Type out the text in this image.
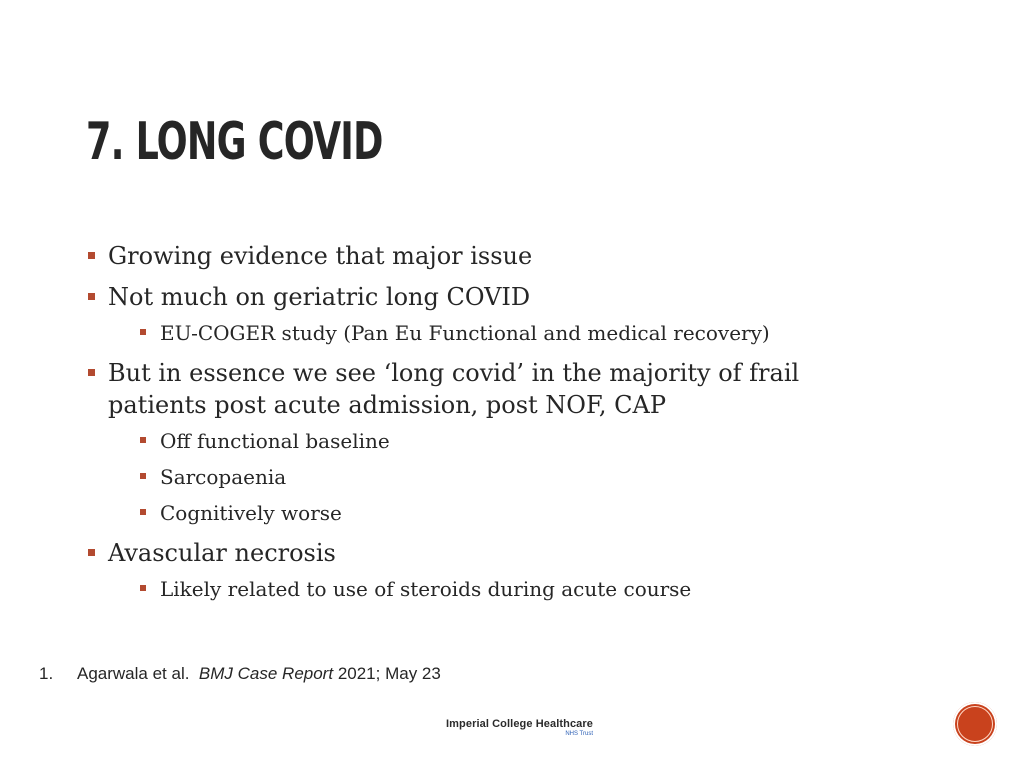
7. LONG COVID
Growing evidence that major issue
Not much on geriatric long COVID
EU-COGER study (Pan Eu Functional and medical recovery)
But in essence we see ‘long covid’ in the majority of frail patients post acute admission, post NOF, CAP
Off functional baseline
Sarcopaenia
Cognitively worse
Avascular necrosis
Likely related to use of steroids during acute course
1. Agarwala et al. BMJ Case Report 2021; May 23
Imperial College Healthcare
NHS Trust
